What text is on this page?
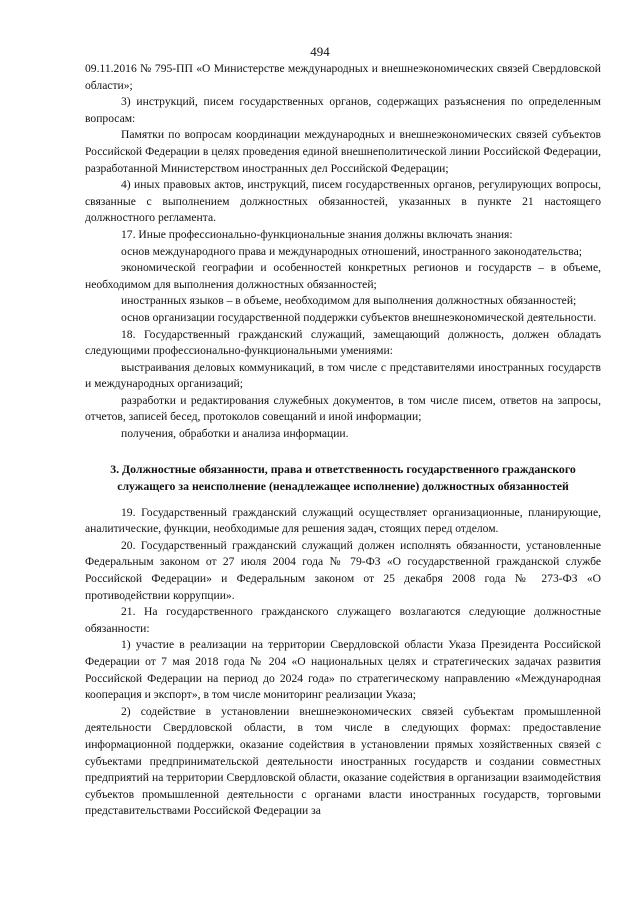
494

09.11.2016 № 795-ПП «О Министерстве международных и внешнеэкономических связей Свердловской области»;

3) инструкций, писем государственных органов, содержащих разъяснения по определенным вопросам:

Памятки по вопросам координации международных и внешнеэкономических связей субъектов Российской Федерации в целях проведения единой внешнеполитической линии Российской Федерации, разработанной Министерством иностранных дел Российской Федерации;

4) иных правовых актов, инструкций, писем государственных органов, регулирующих вопросы, связанные с выполнением должностных обязанностей, указанных в пункте 21 настоящего должностного регламента.

17. Иные профессионально-функциональные знания должны включать знания:

основ международного права и международных отношений, иностранного законодательства;

экономической географии и особенностей конкретных регионов и государств – в объеме, необходимом для выполнения должностных обязанностей;

иностранных языков – в объеме, необходимом для выполнения должностных обязанностей;

основ организации государственной поддержки субъектов внешнеэкономической деятельности.

18. Государственный гражданский служащий, замещающий должность, должен обладать следующими профессионально-функциональными умениями:

выстраивания деловых коммуникаций, в том числе с представителями иностранных государств и международных организаций;

разработки и редактирования служебных документов, в том числе писем, ответов на запросы, отчетов, записей бесед, протоколов совещаний и иной информации;

получения, обработки и анализа информации.

3. Должностные обязанности, права и ответственность государственного гражданского служащего за неисполнение (ненадлежащее исполнение) должностных обязанностей

19. Государственный гражданский служащий осуществляет организационные, планирующие, аналитические, функции, необходимые для решения задач, стоящих перед отделом.

20. Государственный гражданский служащий должен исполнять обязанности, установленные Федеральным законом от 27 июля 2004 года № 79-ФЗ «О государственной гражданской службе Российской Федерации» и Федеральным законом от 25 декабря 2008 года № 273-ФЗ «О противодействии коррупции».

21. На государственного гражданского служащего возлагаются следующие должностные обязанности:

1) участие в реализации на территории Свердловской области Указа Президента Российской Федерации от 7 мая 2018 года № 204 «О национальных целях и стратегических задачах развития Российской Федерации на период до 2024 года» по стратегическому направлению «Международная кооперация и экспорт», в том числе мониторинг реализации Указа;

2) содействие в установлении внешнеэкономических связей субъектам промышленной деятельности Свердловской области, в том числе в следующих формах: предоставление информационной поддержки, оказание содействия в установлении прямых хозяйственных связей с субъектами предпринимательской деятельности иностранных государств и создании совместных предприятий на территории Свердловской области, оказание содействия в организации взаимодействия субъектов промышленной деятельности с органами власти иностранных государств, торговыми представительствами Российской Федерации за
